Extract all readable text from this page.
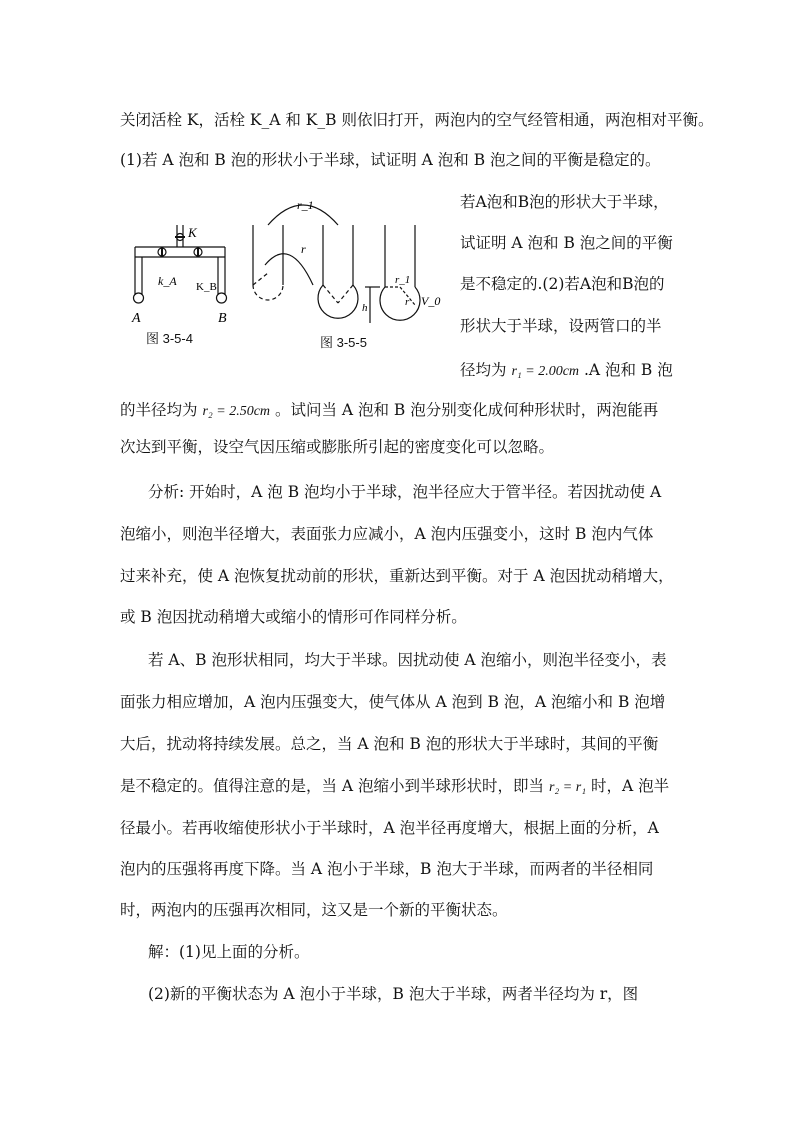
关闭活栓 K，活栓 K_A 和 K_B 则依旧打开，两泡内的空气经管相通，两泡相对平衡。
(1)若 A 泡和 B 泡的形状小于半球，试证明 A 泡和 B 泡之间的平衡是稳定的。
K
k_A K_B
A	B
图 3-5-4
r_1
r
h
r_1
r V_0
图 3-5-5
若A泡和B泡的形状大于半球，
试证明 A 泡和 B 泡之间的平衡
是不稳定的.(2)若A泡和B泡的
形状大于半球，设两管口的半
径均为 r₁ = 2.00cm .A 泡和 B 泡
的半径均为 r₂ = 2.50cm 。试问当 A 泡和 B 泡分别变化成何种形状时，两泡能再
次达到平衡，设空气因压缩或膨胀所引起的密度变化可以忽略。
分析: 开始时，A 泡 B 泡均小于半球，泡半径应大于管半径。若因扰动使 A
泡缩小，则泡半径增大，表面张力应减小，A 泡内压强变小，这时 B 泡内气体
过来补充，使 A 泡恢复扰动前的形状，重新达到平衡。对于 A 泡因扰动稍增大，
或 B 泡因扰动稍增大或缩小的情形可作同样分析。
若 A、B 泡形状相同，均大于半球。因扰动使 A 泡缩小，则泡半径变小，表
面张力相应增加，A 泡内压强变大，使气体从 A 泡到 B 泡，A 泡缩小和 B 泡增
大后，扰动将持续发展。总之，当 A 泡和 B 泡的形状大于半球时，其间的平衡
是不稳定的。值得注意的是，当 A 泡缩小到半球形状时，即当 r₂ = r₁ 时，A 泡半
径最小。若再收缩使形状小于半球时，A 泡半径再度增大，根据上面的分析，A
泡内的压强将再度下降。当 A 泡小于半球，B 泡大于半球，而两者的半径相同
时，两泡内的压强再次相同，这又是一个新的平衡状态。
解：(1)见上面的分析。
(2)新的平衡状态为 A 泡小于半球，B 泡大于半球，两者半径均为 r，图
